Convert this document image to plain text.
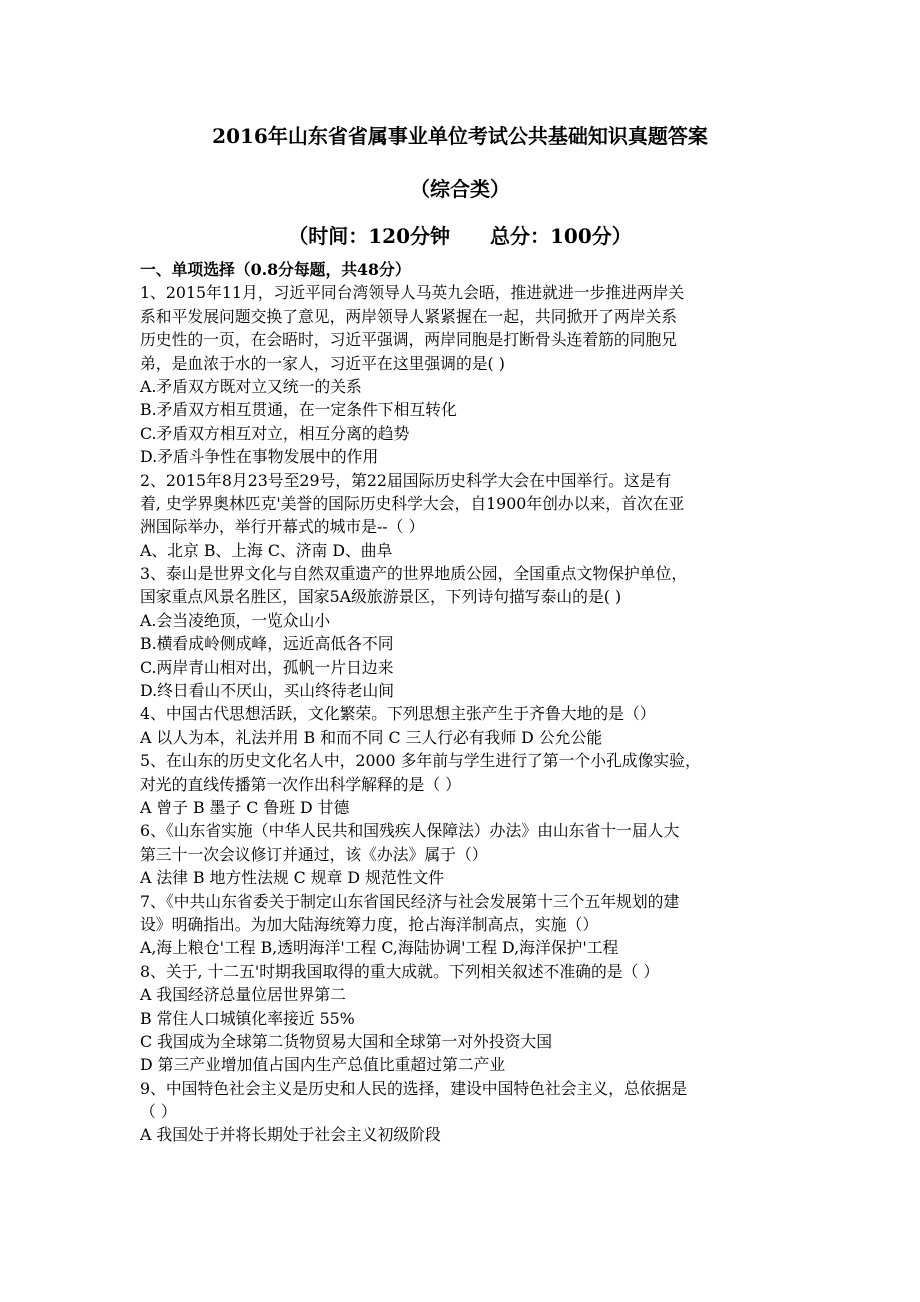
2016年山东省省属事业单位考试公共基础知识真题答案
（综合类）
（时间：120分钟　　总分：100分）
一、单项选择（0.8分每题，共48分）
1、2015年11月，习近平同台湾领导人马英九会晤，推进就进一步推进两岸关
系和平发展问题交换了意见，两岸领导人紧紧握在一起，共同掀开了两岸关系
历史性的一页，在会晤时，习近平强调，两岸同胞是打断骨头连着筋的同胞兄
弟，是血浓于水的一家人，习近平在这里强调的是( )
A.矛盾双方既对立又统一的关系
B.矛盾双方相互贯通，在一定条件下相互转化
C.矛盾双方相互对立，相互分离的趋势
D.矛盾斗争性在事物发展中的作用
2、2015年8月23号至29号，第22届国际历史科学大会在中国举行。这是有
着, 史学界奥林匹克'美誉的国际历史科学大会，自1900年创办以来，首次在亚
洲国际举办，举行开幕式的城市是--（ ）
A、北京 B、上海 C、济南 D、曲阜
3、泰山是世界文化与自然双重遗产的世界地质公园，全国重点文物保护单位，
国家重点风景名胜区，国家5A级旅游景区，下列诗句描写泰山的是( )
A.会当凌绝顶，一览众山小
B.横看成岭侧成峰，远近高低各不同
C.两岸青山相对出，孤帆一片日边来
D.终日看山不厌山，买山终待老山间
4、中国古代思想活跃，文化繁荣。下列思想主张产生于齐鲁大地的是（）
A 以人为本，礼法并用 B 和而不同 C 三人行必有我师 D 公允公能
5、在山东的历史文化名人中，2000 多年前与学生进行了第一个小孔成像实验，
对光的直线传播第一次作出科学解释的是（ ）
A 曾子 B 墨子 C 鲁班 D 甘德
6、《山东省实施（中华人民共和国残疾人保障法）办法》由山东省十一届人大
第三十一次会议修订并通过，该《办法》属于（）
A 法律 B 地方性法规 C 规章 D 规范性文件
7、《中共山东省委关于制定山东省国民经济与社会发展第十三个五年规划的建
设》明确指出。为加大陆海统筹力度，抢占海洋制高点，实施（）
A,海上粮仓'工程 B,透明海洋'工程 C,海陆协调'工程 D,海洋保护'工程
8、关于, 十二五'时期我国取得的重大成就。下列相关叙述不准确的是（ ）
A 我国经济总量位居世界第二
B 常住人口城镇化率接近 55%
C 我国成为全球第二货物贸易大国和全球第一对外投资大国
D 第三产业增加值占国内生产总值比重超过第二产业
9、中国特色社会主义是历史和人民的选择，建设中国特色社会主义，总依据是
（ ）
A 我国处于并将长期处于社会主义初级阶段
